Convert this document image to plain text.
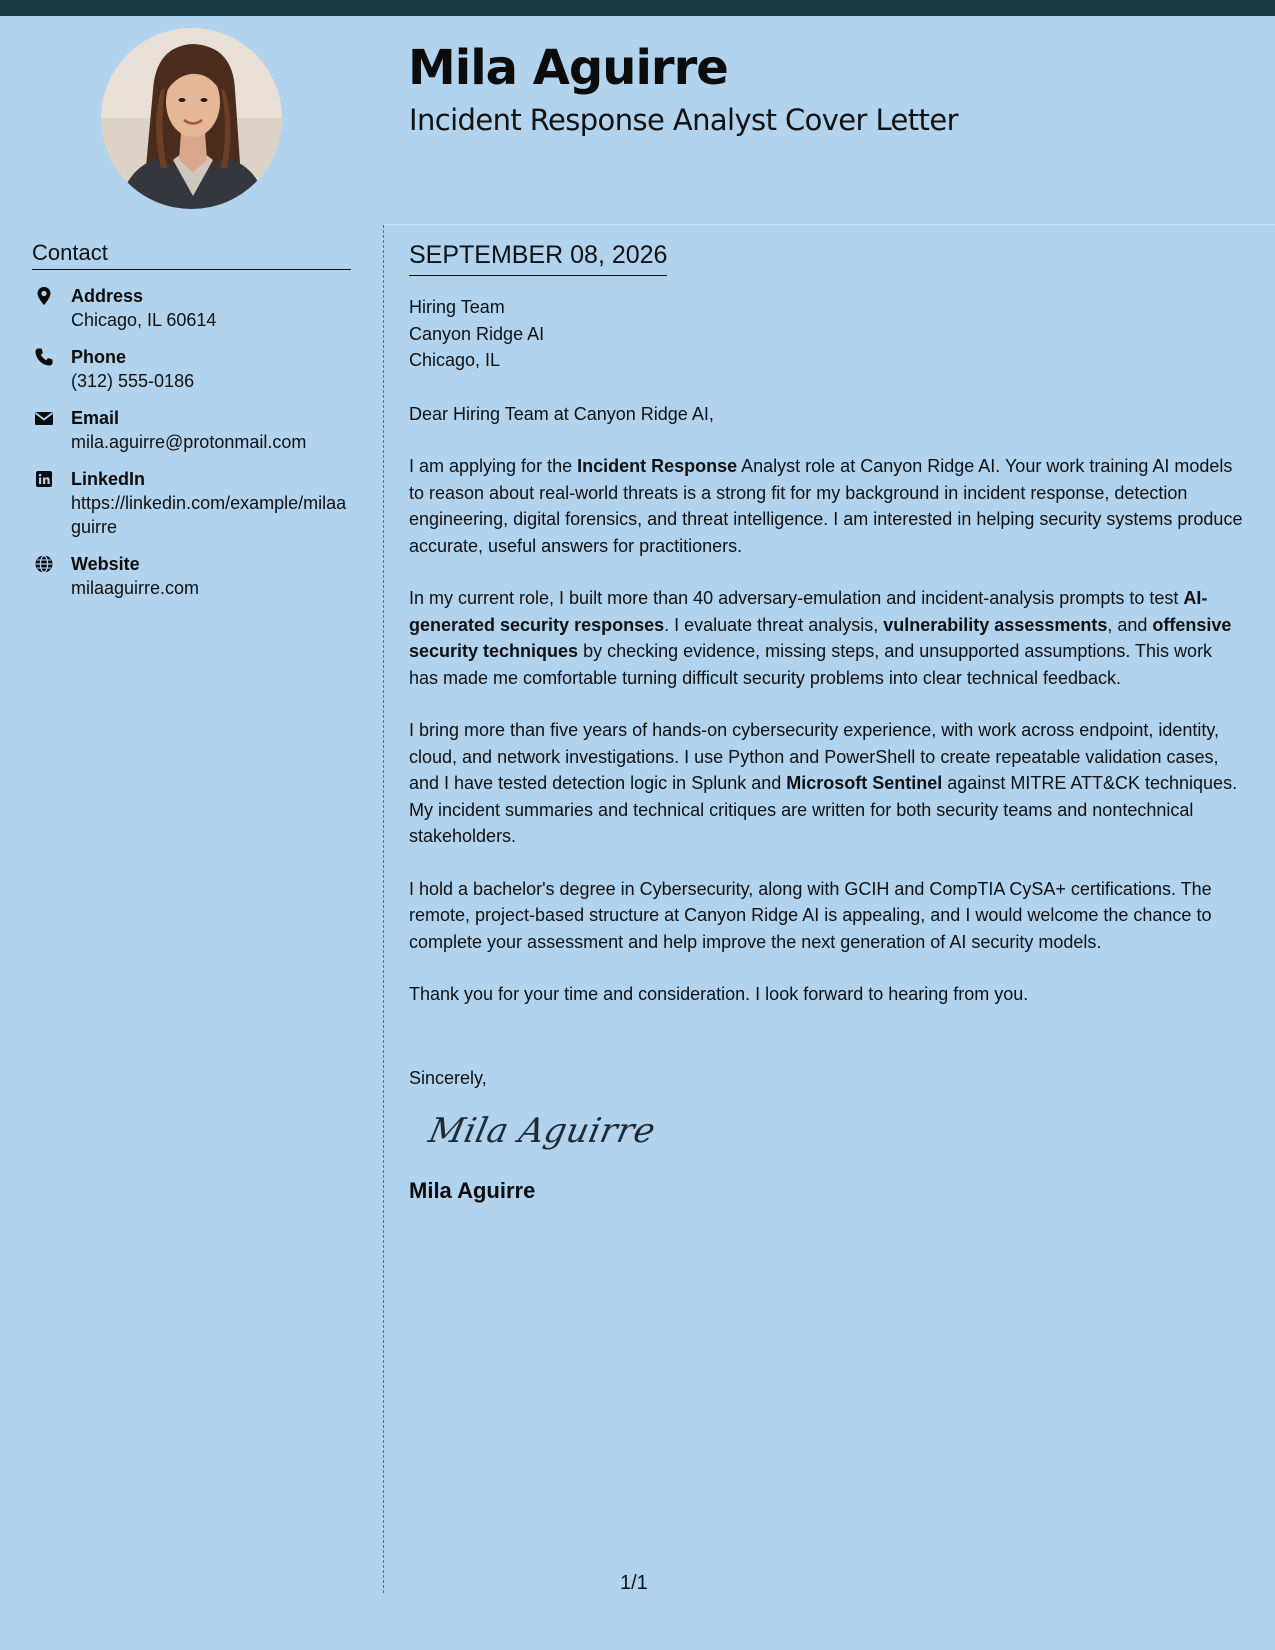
Mila Aguirre
Incident Response Analyst Cover Letter
Contact
Address
Chicago, IL 60614
Phone
(312) 555-0186
Email
mila.aguirre@protonmail.com
LinkedIn
https://linkedin.com/example/milaaguirre
Website
milaaguirre.com
SEPTEMBER 08, 2026
Hiring Team
Canyon Ridge AI
Chicago, IL
Dear Hiring Team at Canyon Ridge AI,

I am applying for the Incident Response Analyst role at Canyon Ridge AI. Your work training AI models to reason about real-world threats is a strong fit for my background in incident response, detection engineering, digital forensics, and threat intelligence. I am interested in helping security systems produce accurate, useful answers for practitioners.

In my current role, I built more than 40 adversary-emulation and incident-analysis prompts to test AI-generated security responses. I evaluate threat analysis, vulnerability assessments, and offensive security techniques by checking evidence, missing steps, and unsupported assumptions. This work has made me comfortable turning difficult security problems into clear technical feedback.

I bring more than five years of hands-on cybersecurity experience, with work across endpoint, identity, cloud, and network investigations. I use Python and PowerShell to create repeatable validation cases, and I have tested detection logic in Splunk and Microsoft Sentinel against MITRE ATT&CK techniques. My incident summaries and technical critiques are written for both security teams and nontechnical stakeholders.

I hold a bachelor's degree in Cybersecurity, along with GCIH and CompTIA CySA+ certifications. The remote, project-based structure at Canyon Ridge AI is appealing, and I would welcome the chance to complete your assessment and help improve the next generation of AI security models.

Thank you for your time and consideration. I look forward to hearing from you.

Sincerely,
Mila Aguirre
Mila Aguirre
1/1
